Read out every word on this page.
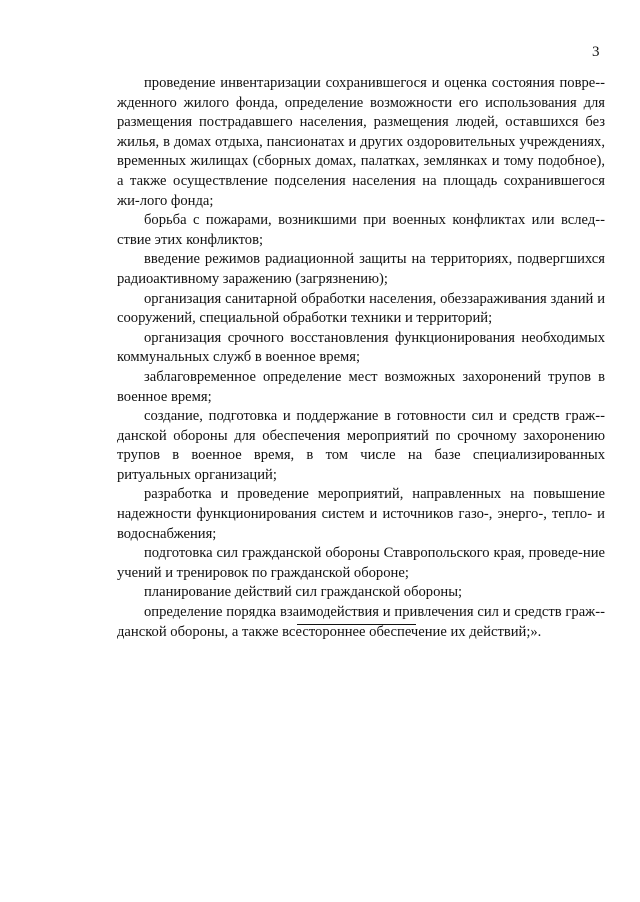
3

проведение инвентаризации сохранившегося и оценка состояния повре-жденного жилого фонда, определение возможности его использования для размещения пострадавшего населения, размещения людей, оставшихся без жилья, в домах отдыха, пансионатах и других оздоровительных учреждениях, временных жилищах (сборных домах, палатках, землянках и тому подобное), а также осуществление подселения населения на площадь сохранившегося жи-лого фонда;

борьба с пожарами, возникшими при военных конфликтах или вслед-ствие этих конфликтов;

введение режимов радиационной защиты на территориях, подвергшихся радиоактивному заражению (загрязнению);

организация санитарной обработки населения, обеззараживания зданий и сооружений, специальной обработки техники и территорий;

организация срочного восстановления функционирования необходимых коммунальных служб в военное время;

заблаговременное определение мест возможных захоронений трупов в военное время;

создание, подготовка и поддержание в готовности сил и средств граж-данской обороны для обеспечения мероприятий по срочному захоронению трупов в военное время, в том числе на базе специализированных ритуальных организаций;

разработка и проведение мероприятий, направленных на повышение надежности функционирования систем и источников газо-, энерго-, тепло- и водоснабжения;

подготовка сил гражданской обороны Ставропольского края, проведе-ние учений и тренировок по гражданской обороне;

планирование действий сил гражданской обороны;

определение порядка взаимодействия и привлечения сил и средств граж-данской обороны, а также всестороннее обеспечение их действий;».
